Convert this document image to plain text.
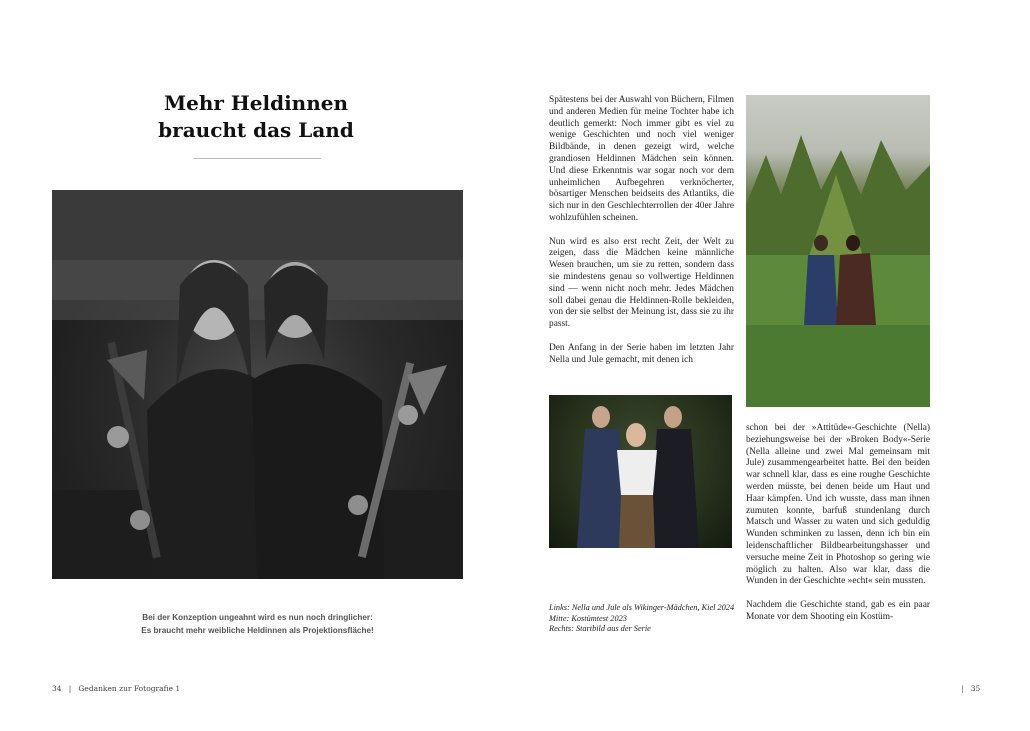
Mehr Heldinnen
braucht das Land
Bei der Konzeption ungeahnt wird es nun noch dringlicher:
Es braucht mehr weibliche Heldinnen als Projektionsfläche!

Spätestens bei der Auswahl von Büchern, Filmen und anderen Medien für meine Tochter habe ich deutlich gemerkt: Noch immer gibt es viel zu wenige Geschichten und noch viel weniger Bildbände, in denen gezeigt wird, welche grandiosen Heldinnen Mädchen sein können. Und diese Erkenntnis war sogar noch vor dem unheimlichen Aufbegehren verknöcherter, bösartiger Menschen beidseits des Atlantiks, die sich nur in den Geschlechterrollen der 40er Jahre wohlzufühlen scheinen.

Nun wird es also erst recht Zeit, der Welt zu zeigen, dass die Mädchen keine männliche Wesen brauchen, um sie zu retten, sondern dass sie mindestens genau so vollwertige Heldinnen sind — wenn nicht noch mehr. Jedes Mädchen soll dabei genau die Heldinnen-Rolle bekleiden, von der sie selbst der Meinung ist, dass sie zu ihr passt.

Den Anfang in der Serie haben im letzten Jahr Nella und Jule gemacht, mit denen ich

Links: Nella und Jule als Wikinger-Mädchen, Kiel 2024
Mitte: Kostümtest 2023
Rechts: Startbild aus der Serie

schon bei der »Attitüde«-Geschichte (Nella) beziehungsweise bei der »Broken Body«-Serie (Nella alleine und zwei Mal gemeinsam mit Jule) zusammengearbeitet hatte. Bei den beiden war schnell klar, dass es eine roughe Geschichte werden müsste, bei denen beide um Haut und Haar kämpfen. Und ich wusste, dass man ihnen zumuten konnte, barfuß stundenlang durch Matsch und Wasser zu waten und sich geduldig Wunden schminken zu lassen, denn ich bin ein leidenschaftlicher Bildbearbeitungshasser und versuche meine Zeit in Photoshop so gering wie möglich zu halten. Also war klar, dass die Wunden in der Geschichte »echt« sein mussten.

Nachdem die Geschichte stand, gab es ein paar Monate vor dem Shooting ein Kostüm-

34 | Gedanken zur Fotografie 1	| 35
